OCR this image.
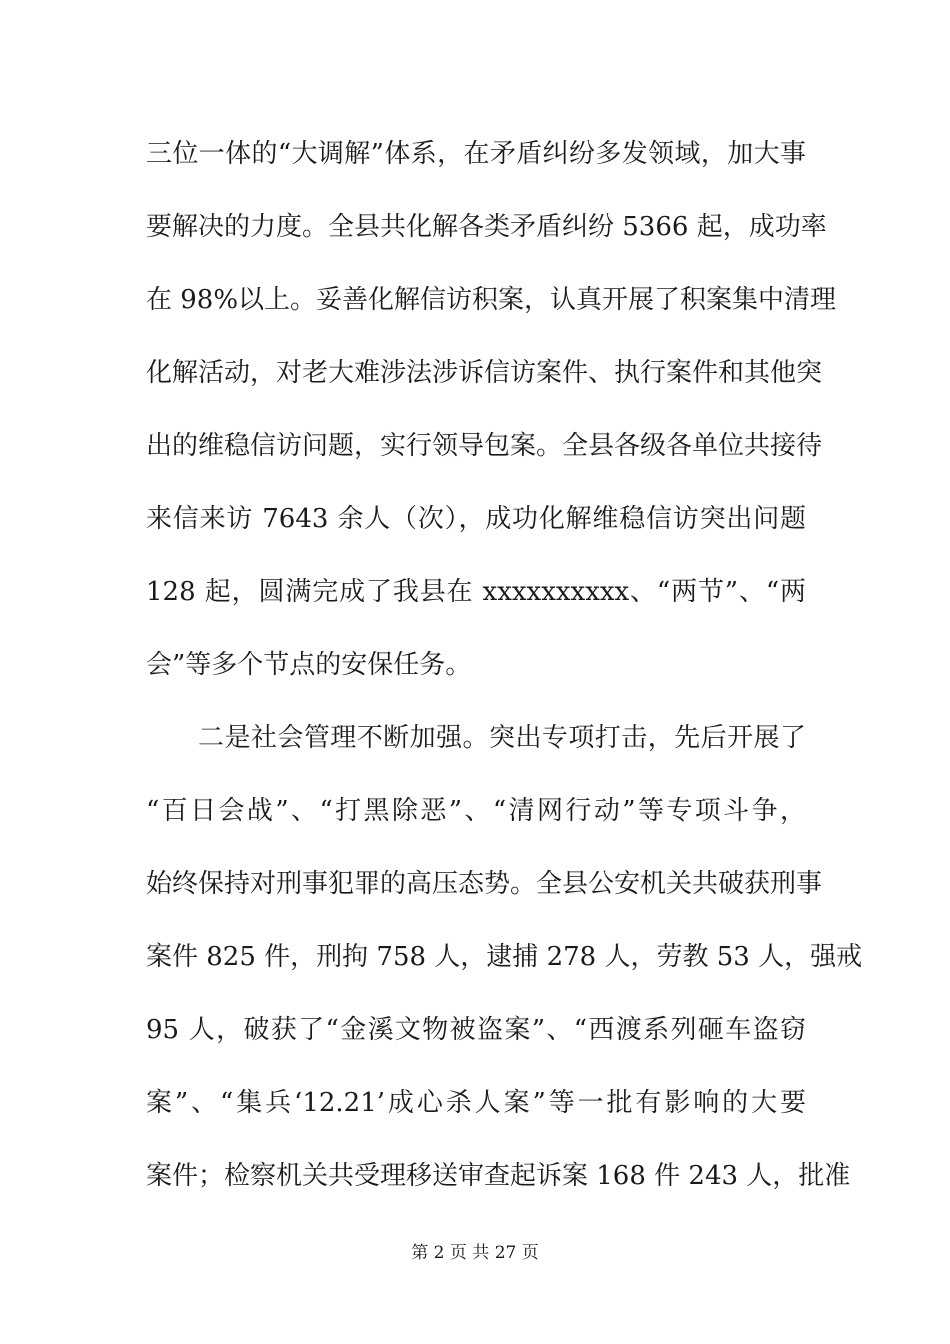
三位一体的“大调解”体系，在矛盾纠纷多发领域，加大事
要解决的力度。全县共化解各类矛盾纠纷 5366 起，成功率
在 98%以上。妥善化解信访积案，认真开展了积案集中清理
化解活动，对老大难涉法涉诉信访案件、执行案件和其他突
出的维稳信访问题，实行领导包案。全县各级各单位共接待
来信来访 7643 余人（次），成功化解维稳信访突出问题
128 起，圆满完成了我县在 xxxxxxxxxx、“两节”、“两
会”等多个节点的安保任务。
二是社会管理不断加强。突出专项打击，先后开展了
“百日会战”、“打黑除恶”、“清网行动”等专项斗争，
始终保持对刑事犯罪的高压态势。全县公安机关共破获刑事
案件 825 件，刑拘 758 人，逮捕 278 人，劳教 53 人，强戒
95 人，破获了“金溪文物被盗案”、“西渡系列砸车盗窃
案”、“集兵‘12.21’成心杀人案”等一批有影响的大要
案件；检察机关共受理移送审查起诉案 168 件 243 人，批准
第 2 页 共 27 页
